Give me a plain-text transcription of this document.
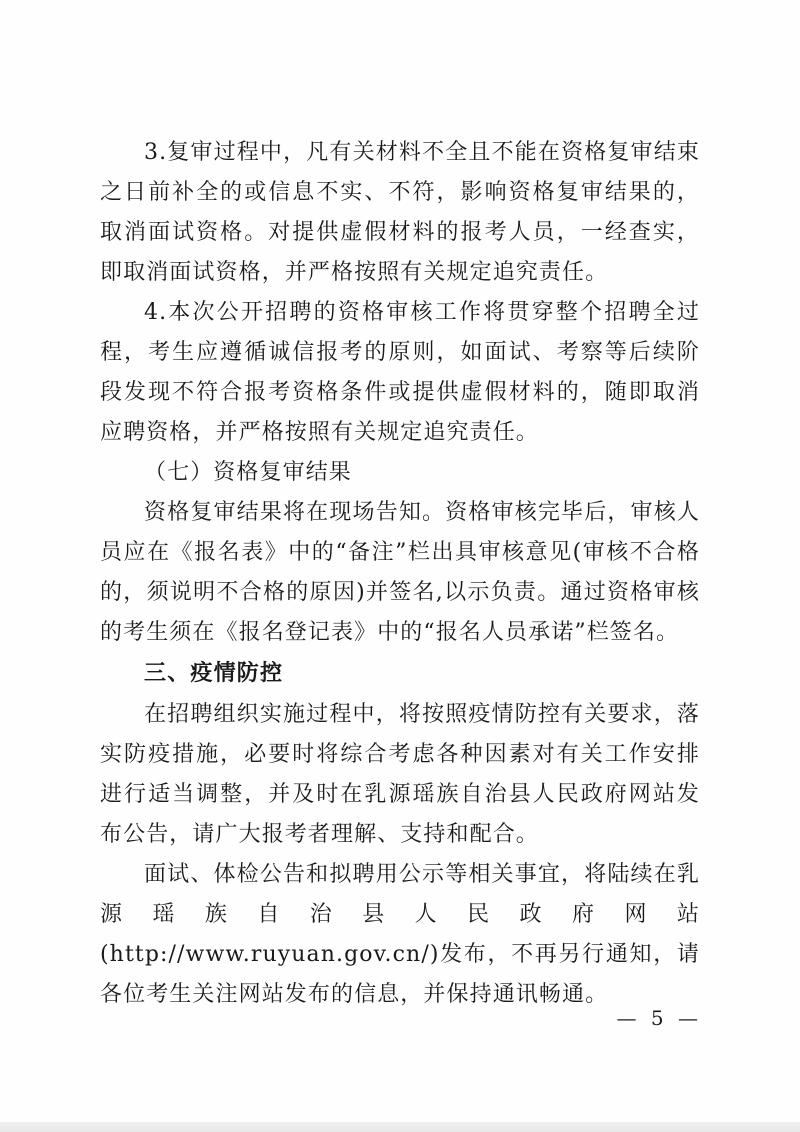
3.复审过程中，凡有关材料不全且不能在资格复审结束之日前补全的或信息不实、不符，影响资格复审结果的，取消面试资格。对提供虚假材料的报考人员，一经查实，即取消面试资格，并严格按照有关规定追究责任。

4.本次公开招聘的资格审核工作将贯穿整个招聘全过程，考生应遵循诚信报考的原则，如面试、考察等后续阶段发现不符合报考资格条件或提供虚假材料的，随即取消应聘资格，并严格按照有关规定追究责任。

（七）资格复审结果

资格复审结果将在现场告知。资格审核完毕后，审核人员应在《报名表》中的“备注”栏出具审核意见(审核不合格的，须说明不合格的原因)并签名,以示负责。通过资格审核的考生须在《报名登记表》中的“报名人员承诺”栏签名。

三、疫情防控

在招聘组织实施过程中，将按照疫情防控有关要求，落实防疫措施，必要时将综合考虑各种因素对有关工作安排进行适当调整，并及时在乳源瑶族自治县人民政府网站发布公告，请广大报考者理解、支持和配合。

面试、体检公告和拟聘用公示等相关事宜，将陆续在乳源瑶族自治县人民政府网站(http://www.ruyuan.gov.cn/)发布，不再另行通知，请各位考生关注网站发布的信息，并保持通讯畅通。

— 5 —
